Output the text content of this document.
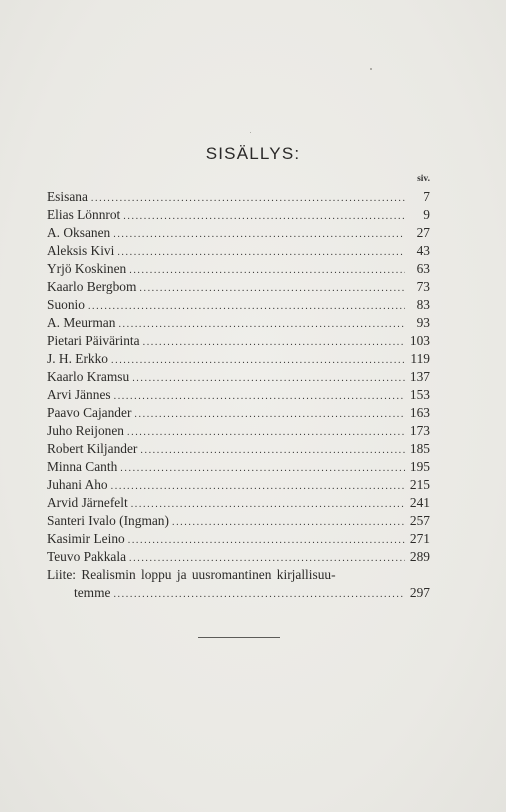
SISÄLLYS:
siv.
Esisana .....	7
Elias Lönnrot .....	9
A. Oksanen .....	27
Aleksis Kivi .....	43
Yrjö Koskinen .....	63
Kaarlo Bergbom .....	73
Suonio .....	83
A. Meurman .....	93
Pietari Päivärinta .....	103
J. H. Erkko .....	119
Kaarlo Kramsu .....	137
Arvi Jännes .....	153
Paavo Cajander .....	163
Juho Reijonen .....	173
Robert Kiljander .....	185
Minna Canth .....	195
Juhani Aho .....	215
Arvid Järnefelt .....	241
Santeri Ivalo (Ingman) .....	257
Kasimir Leino .....	271
Teuvo Pakkala .....	289
Liite: Realismin loppu ja uusromantinen kirjallisuu-
temme .....	297
